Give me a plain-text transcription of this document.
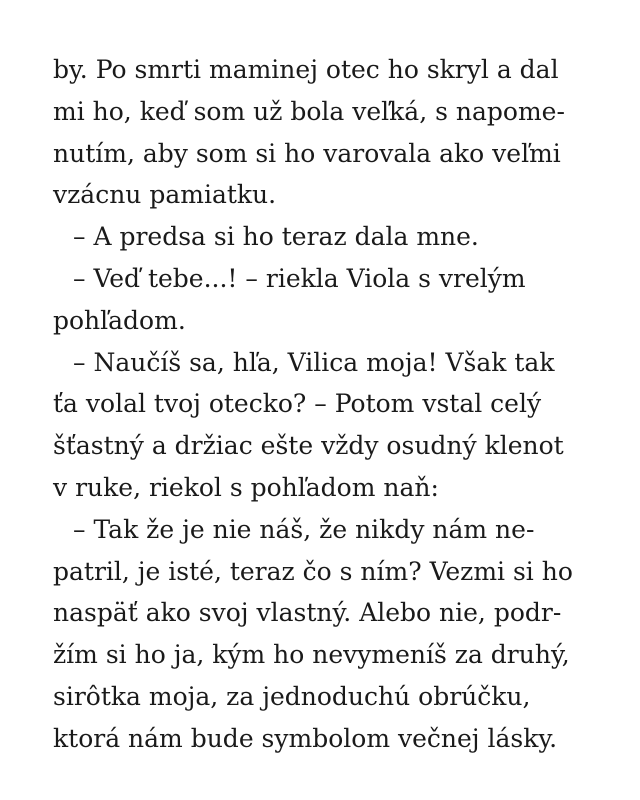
by. Po smrti maminej otec ho skryl a dal
mi ho, keď som už bola veľká, s napome-
nutím, aby som si ho varovala ako veľmi
vzácnu pamiatku.
– A predsa si ho teraz dala mne.
– Veď tebe...! – riekla Viola s vrelým
pohľadom.
– Naučíš sa, hľa, Vilica moja! Však tak
ťa volal tvoj otecko? – Potom vstal celý
šťastný a držiac ešte vždy osudný klenot
v ruke, riekol s pohľadom naň:
– Tak že je nie náš, že nikdy nám ne-
patril, je isté, teraz čo s ním? Vezmi si ho
naspäť ako svoj vlastný. Alebo nie, podr-
žím si ho ja, kým ho nevymeníš za druhý,
sirôtka moja, za jednoduchú obrúčku,
ktorá nám bude symbolom večnej lásky.
